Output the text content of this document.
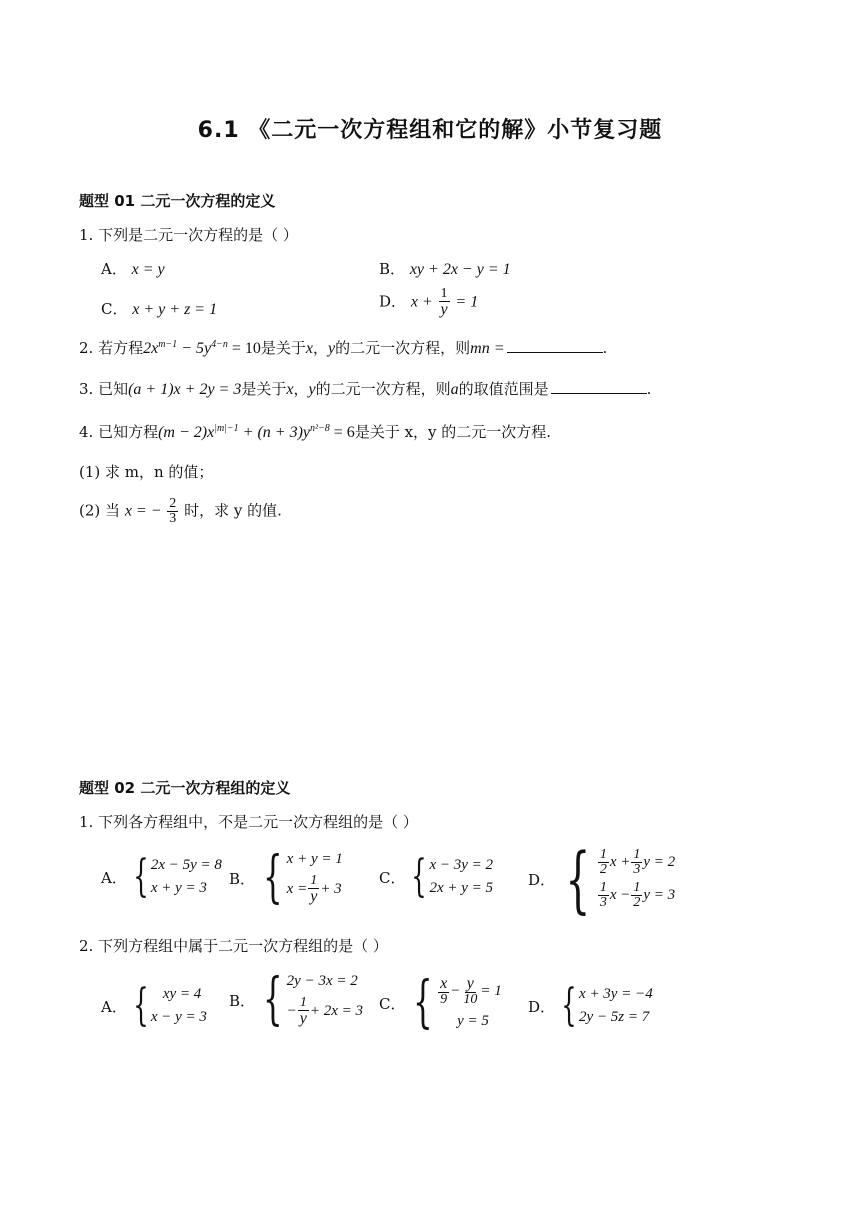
6.1 《二元一次方程组和它的解》小节复习题
题型 01 二元一次方程的定义
1. 下列是二元一次方程的是（ ）
A． x = y	B． xy + 2x − y = 1
C． x + y + z = 1	D． $x + \frac{1}{y} = 1$
2. 若方程$2x^{m-1} - 5y^{4-n} = 10$是关于x，y的二元一次方程，则mn =	.
3. 已知(a + 1)x + 2y = 3是关于x，y的二元一次方程，则a的取值范围是	.
4. 已知方程$(m - 2)x^{|m|-1} + (n + 3)y^{n^2-8} = 6$是关于 x，y 的二元一次方程.
(1) 求 m，n 的值；
(2) 当 x = − $\frac{2}{3}$ 时，求 y 的值.
题型 02 二元一次方程组的定义
1. 下列各方程组中，不是二元一次方程组的是（ ）
A． { 2x − 5y = 8
x + y = 3
B． { x + y = 1
$x = \frac{1}{y} + 3$
C． { x − 3y = 2
2x + y = 5 D． { $\frac{1}{2}$ $x + \frac{1}{3}$ y = 2
$\frac{1}{3}$ $x - \frac{1}{2}$ y = 3
2. 下列方程组中属于二元一次方程组的是（ ）
A． { xy = 4
x − y = 3
B． { 2y − 3x = 2
− $\frac{1}{y} + 2x = 3$ C． { $\frac{x}{9} - \frac{y}{10} = 1$
y = 5
D． { x + 3y = −4
2y − 5z = 7
